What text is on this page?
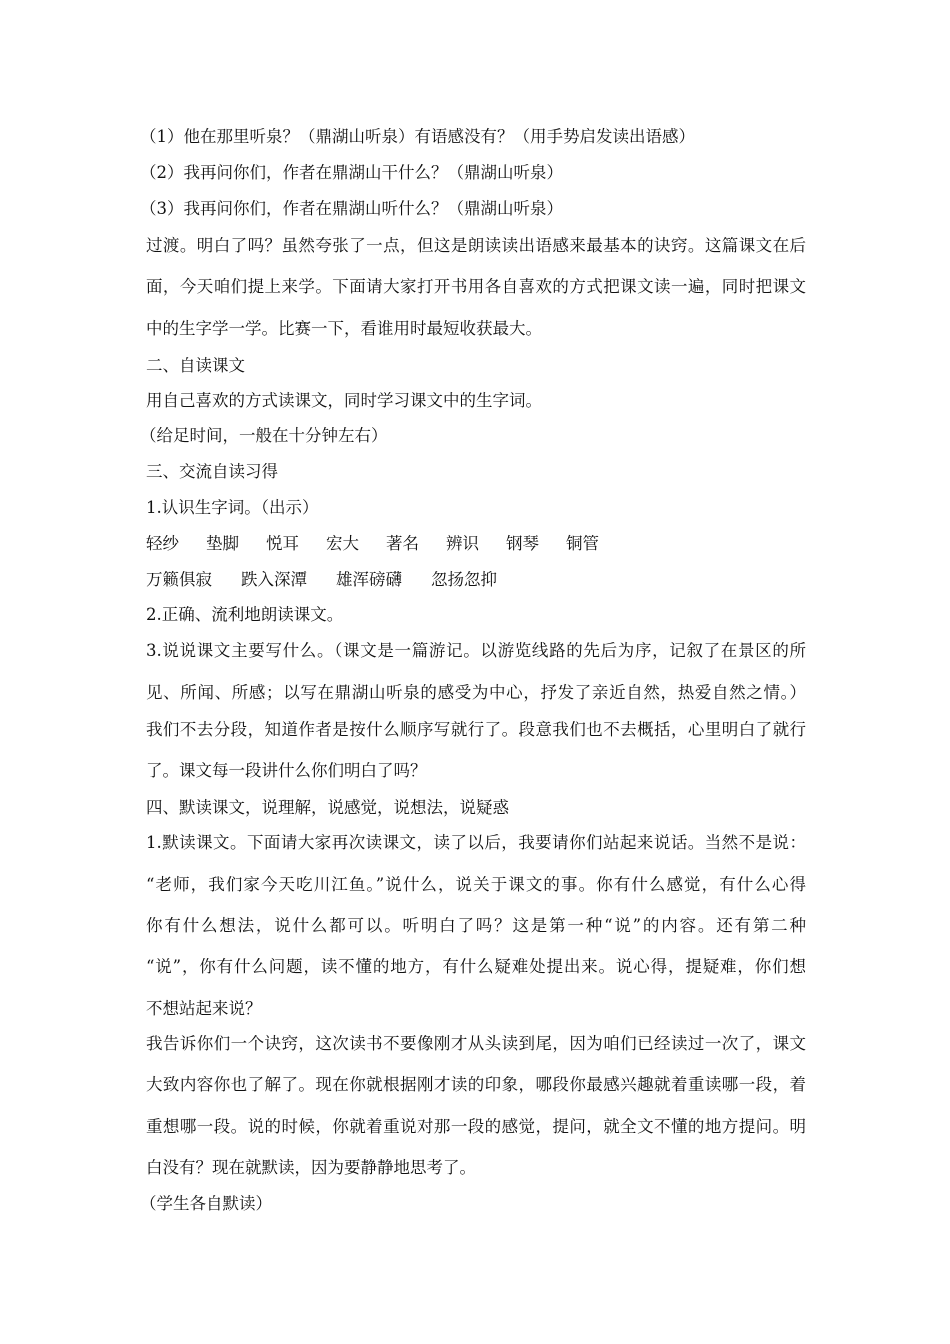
（1）他在那里听泉？（鼎湖山听泉）有语感没有？（用手势启发读出语感）
（2）我再问你们，作者在鼎湖山干什么？（鼎湖山听泉）
（3）我再问你们，作者在鼎湖山听什么？（鼎湖山听泉）
过渡。明白了吗？虽然夸张了一点，但这是朗读读出语感来最基本的诀窍。这篇课文在后
面，今天咱们提上来学。下面请大家打开书用各自喜欢的方式把课文读一遍，同时把课文
中的生字学一学。比赛一下，看谁用时最短收获最大。
二、自读课文
用自己喜欢的方式读课文，同时学习课文中的生字词。
（给足时间，一般在十分钟左右）
三、交流自读习得
1.认识生字词。（出示）
轻纱 垫脚 悦耳 宏大 著名 辨识 钢琴 铜管
万籁俱寂 跌入深潭 雄浑磅礴 忽扬忽抑
2.正确、流利地朗读课文。
3.说说课文主要写什么。（课文是一篇游记。以游览线路的先后为序，记叙了在景区的所
见、所闻、所感；以写在鼎湖山听泉的感受为中心，抒发了亲近自然，热爱自然之情。）
我们不去分段，知道作者是按什么顺序写就行了。段意我们也不去概括，心里明白了就行
了。课文每一段讲什么你们明白了吗？
四、默读课文，说理解，说感觉，说想法，说疑惑
1.默读课文。下面请大家再次读课文，读了以后，我要请你们站起来说话。当然不是说：
“老师，我们家今天吃川江鱼。”说什么，说关于课文的事。你有什么感觉，有什么心得
你有什么想法，说什么都可以。听明白了吗？这是第一种“说”的内容。还有第二种
“说”，你有什么问题，读不懂的地方，有什么疑难处提出来。说心得，提疑难，你们想
不想站起来说？
我告诉你们一个诀窍，这次读书不要像刚才从头读到尾，因为咱们已经读过一次了，课文
大致内容你也了解了。现在你就根据刚才读的印象，哪段你最感兴趣就着重读哪一段，着
重想哪一段。说的时候，你就着重说对那一段的感觉，提问，就全文不懂的地方提问。明
白没有？现在就默读，因为要静静地思考了。
（学生各自默读）
